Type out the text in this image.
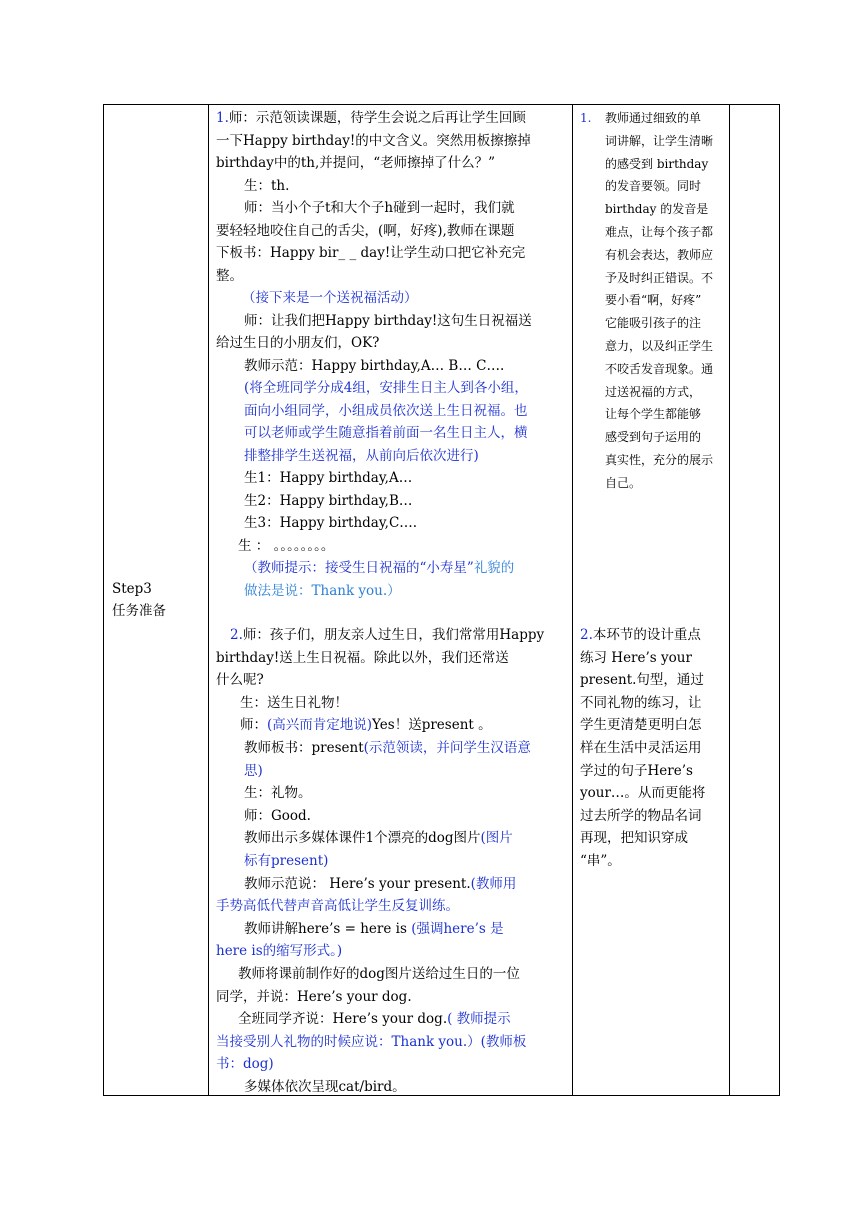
Step3
任务准备

1.师：示范领读课题，待学生会说之后再让学生回顾

一下Happy birthday!的中文含义。突然用板擦擦掉

birthday中的th,并提问，“老师擦掉了什么？”

生：th.

师：当小个子t和大个子h碰到一起时，我们就

要轻轻地咬住自己的舌尖，(啊，好疼),教师在课题

下板书：Happy bir_ _ day!让学生动口把它补充完

整。

（接下来是一个送祝福活动）

师：让我们把Happy birthday!这句生日祝福送

给过生日的小朋友们，OK?

教师示范：Happy birthday,A… B… C….

(将全班同学分成4组，安排生日主人到各小组，

面向小组同学，小组成员依次送上生日祝福。也

可以老师或学生随意指着前面一名生日主人，横

排整排学生送祝福，从前向后依次进行)

生1：Happy birthday,A…

生2：Happy birthday,B…

生3：Happy birthday,C….

生 ： 。。。。。。。。

（教师提示：接受生日祝福的“小寿星”礼貌的

做法是说：Thank you.）

2.师：孩子们，朋友亲人过生日，我们常常用Happy

birthday!送上生日祝福。除此以外，我们还常送

什么呢?

生：送生日礼物！

师：(高兴而肯定地说)Yes！送present 。

教师板书：present(示范领读，并问学生汉语意

思)

生：礼物。

师：Good.

教师出示多媒体课件1个漂亮的dog图片(图片

标有present)

教师示范说： Here’s your present.(教师用

手势高低代替声音高低让学生反复训练。

教师讲解here’s = here is (强调here’s 是

here is的缩写形式。)

教师将课前制作好的dog图片送给过生日的一位

同学，并说：Here’s your dog.

全班同学齐说：Here’s your dog.( 教师提示

当接受别人礼物的时候应说：Thank you.）(教师板

书：dog)

多媒体依次呈现cat/bird。

1.	教师通过细致的单
词讲解，让学生清晰
的感受到 birthday
的发音要领。同时
birthday 的发音是
难点，让每个孩子都
有机会表达，教师应
予及时纠正错误。不
要小看“啊，好疼”
它能吸引孩子的注
意力，以及纠正学生
不咬舌发音现象。通
过送祝福的方式，
让每个学生都能够
感受到句子运用的
真实性，充分的展示
自己。
2.本环节的设计重点
练习 Here’s your
present.句型，通过
不同礼物的练习，让
学生更清楚更明白怎
样在生活中灵活运用
学过的句子Here’s
your…。从而更能将
过去所学的物品名词
再现，把知识穿成
“串”。
